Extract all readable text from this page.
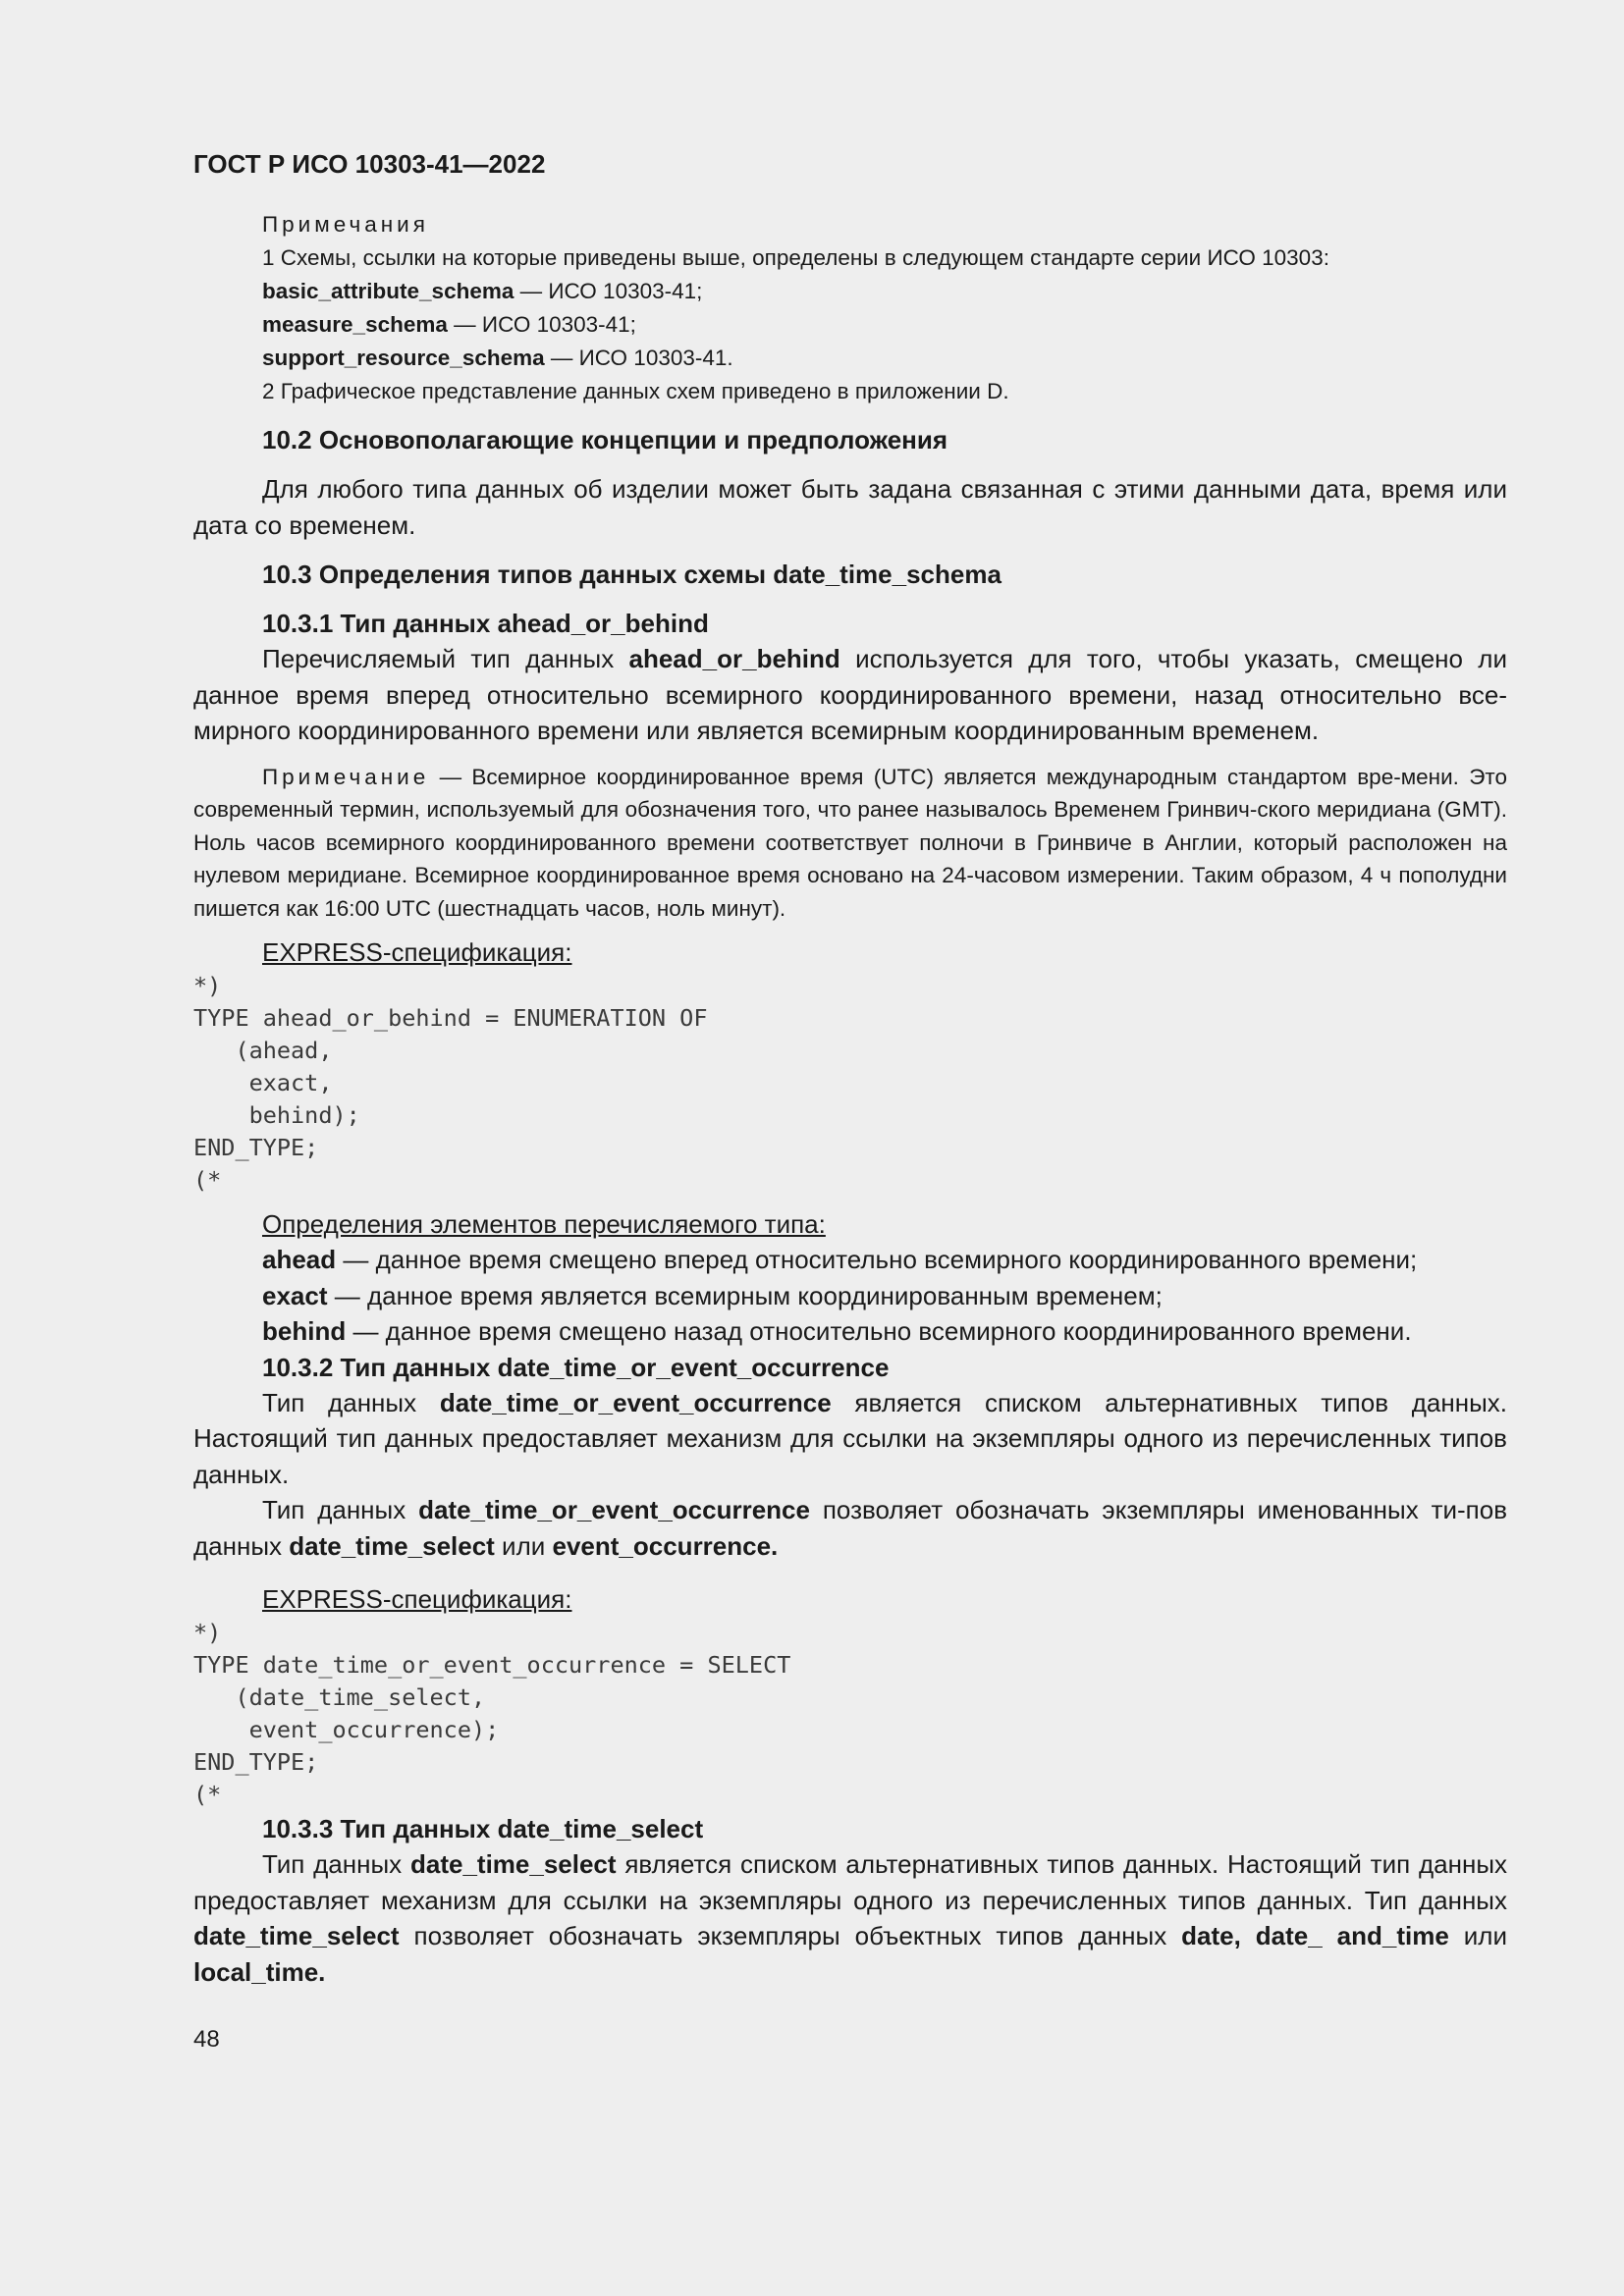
ГОСТ Р ИСО 10303-41—2022

Примечания

1 Схемы, ссылки на которые приведены выше, определены в следующем стандарте серии ИСО 10303:

basic_attribute_schema — ИСО 10303-41;

measure_schema — ИСО 10303-41;

support_resource_schema — ИСО 10303-41.

2 Графическое представление данных схем приведено в приложении D.

10.2 Основополагающие концепции и предположения

Для любого типа данных об изделии может быть задана связанная с этими данными дата, время или дата со временем.

10.3 Определения типов данных схемы date_time_schema
10.3.1 Тип данных ahead_or_behind

Перечисляемый тип данных ahead_or_behind используется для того, чтобы указать, смещено ли данное время вперед относительно всемирного координированного времени, назад относительно все-мирного координированного времени или является всемирным координированным временем.

Примечание — Всемирное координированное время (UTC) является международным стандартом вре-мени. Это современный термин, используемый для обозначения того, что ранее называлось Временем Гринвич-ского меридиана (GMT). Ноль часов всемирного координированного времени соответствует полночи в Гринвиче в Англии, который расположен на нулевом меридиане. Всемирное координированное время основано на 24-часовом измерении. Таким образом, 4 ч пополудни пишется как 16:00 UTC (шестнадцать часов, ноль минут).

EXPRESS-спецификация:
*)
TYPE ahead_or_behind = ENUMERATION OF
(ahead,
exact,
behind);
END_TYPE;
(*
Определения элементов перечисляемого типа:

ahead — данное время смещено вперед относительно всемирного координированного времени;

exact — данное время является всемирным координированным временем;

behind — данное время смещено назад относительно всемирного координированного времени.

10.3.2 Тип данных date_time_or_event_occurrence

Тип данных date_time_or_event_occurrence является списком альтернативных типов данных. Настоящий тип данных предоставляет механизм для ссылки на экземпляры одного из перечисленных типов данных.

Тип данных date_time_or_event_occurrence позволяет обозначать экземпляры именованных ти-пов данных date_time_select или event_occurrence.

EXPRESS-спецификация:
*)
TYPE date_time_or_event_occurrence = SELECT
(date_time_select,
event_occurrence);
END_TYPE;
(*
10.3.3 Тип данных date_time_select

Тип данных date_time_select является списком альтернативных типов данных. Настоящий тип данных предоставляет механизм для ссылки на экземпляры одного из перечисленных типов данных. Тип данных date_time_select позволяет обозначать экземпляры объектных типов данных date, date_ and_time или local_time.

48
